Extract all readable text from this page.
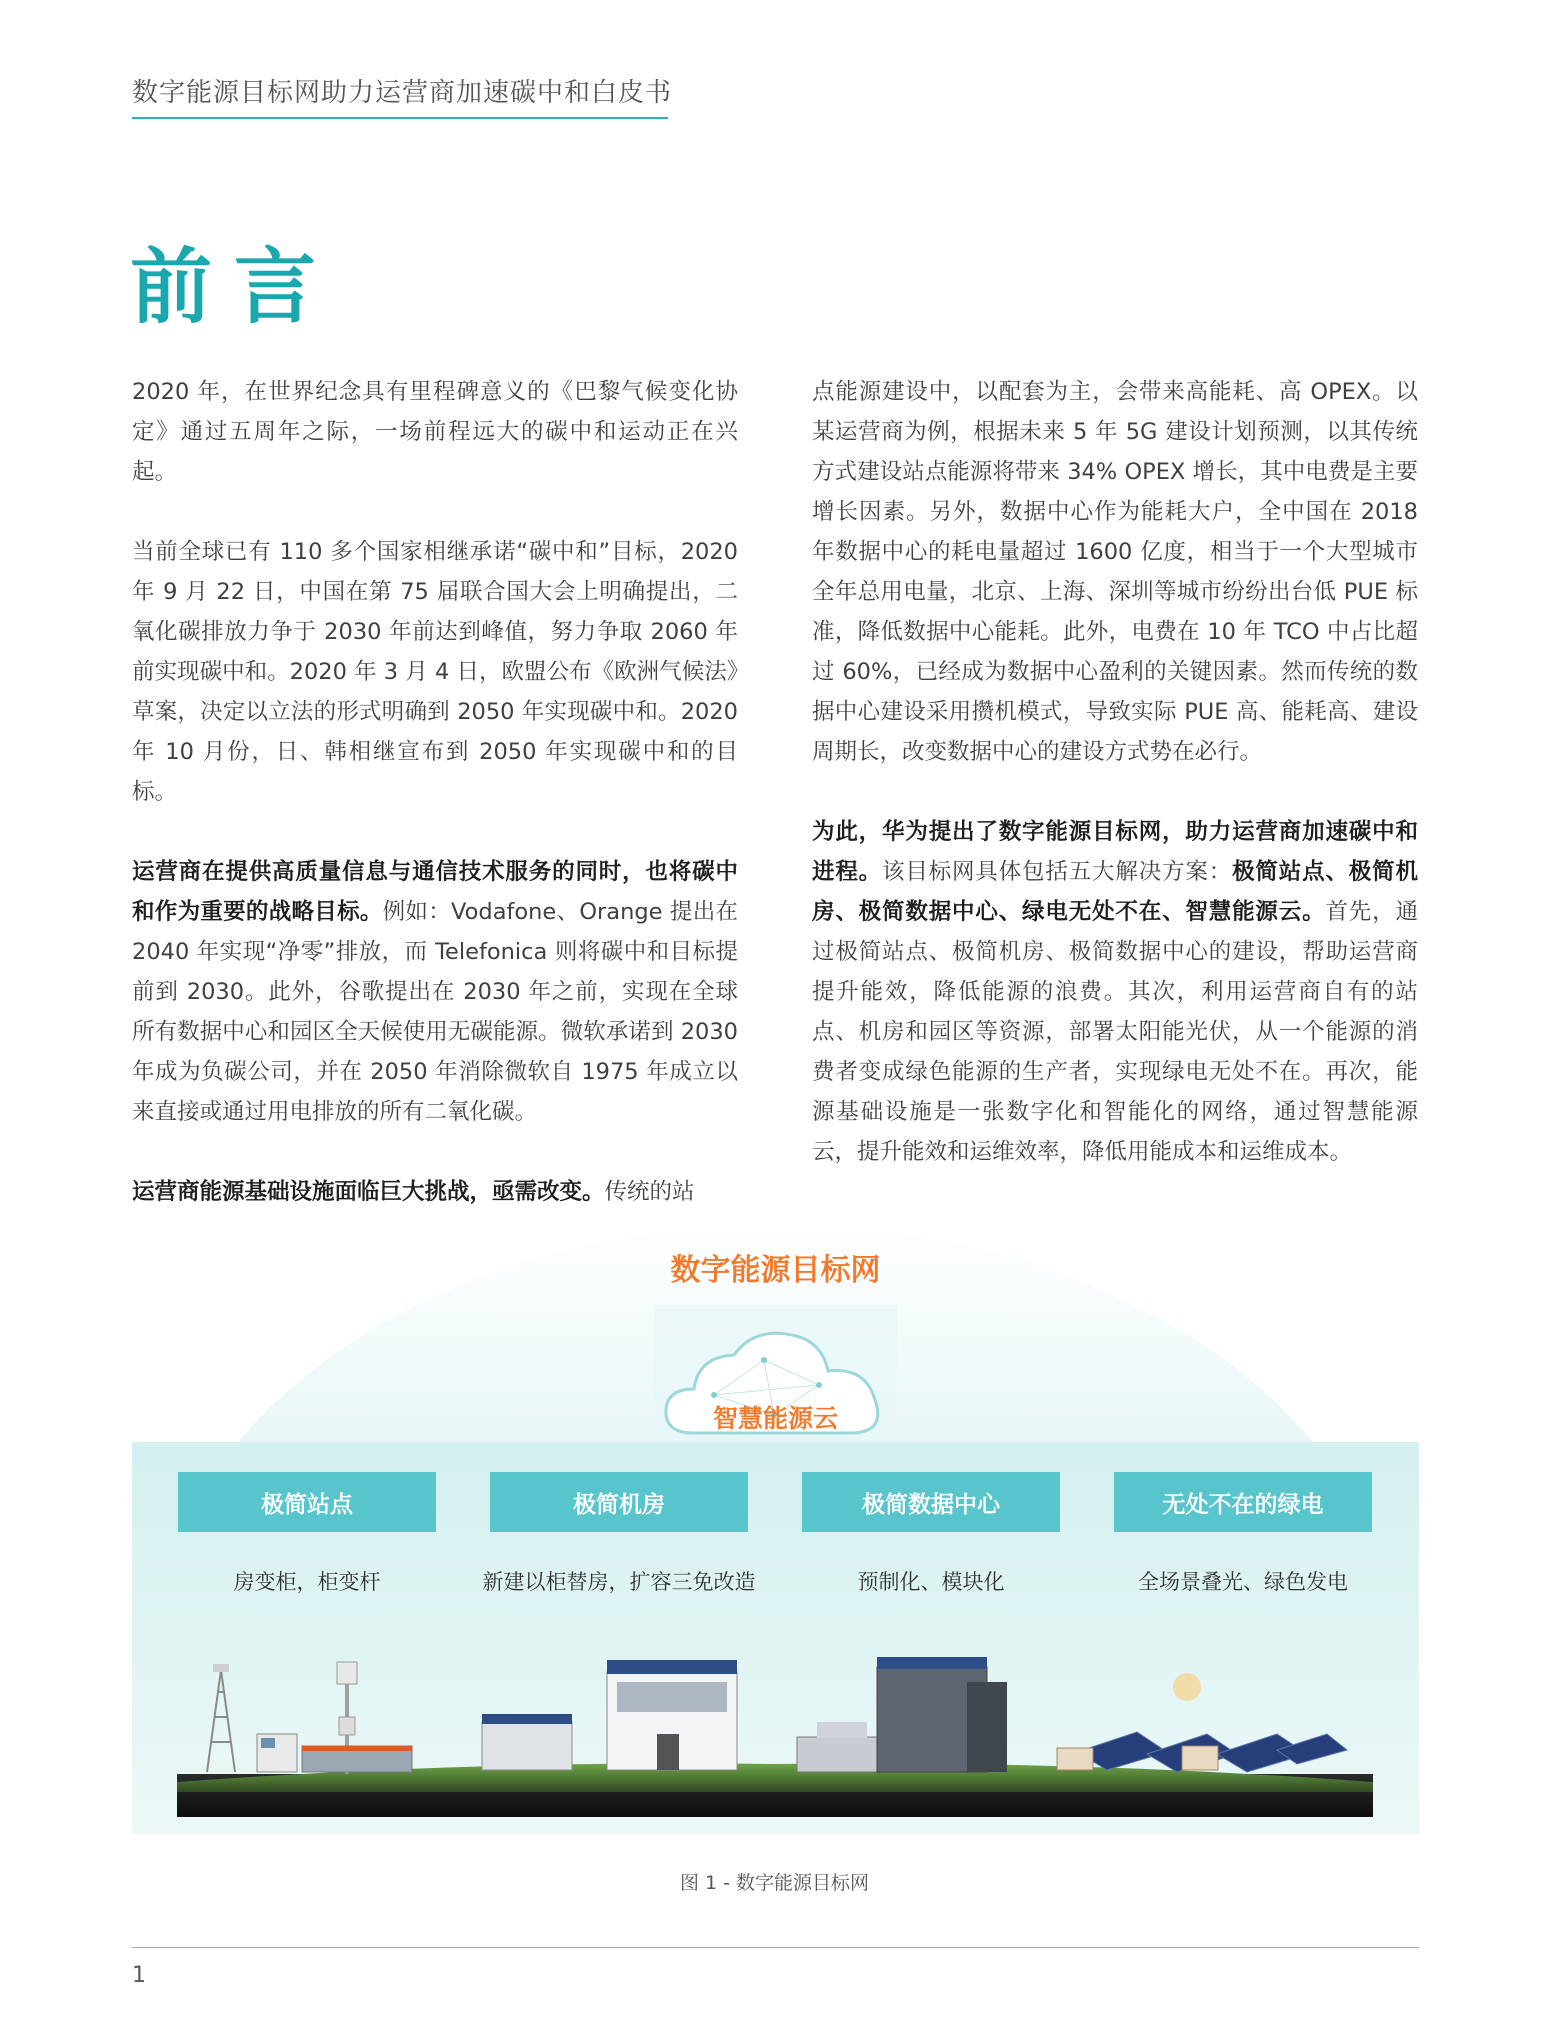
数字能源目标网助力运营商加速碳中和白皮书
前言

2020 年，在世界纪念具有里程碑意义的《巴黎气候变化协定》通过五周年之际，一场前程远大的碳中和运动正在兴起。

当前全球已有 110 多个国家相继承诺“碳中和”目标，2020 年 9 月 22 日，中国在第 75 届联合国大会上明确提出，二氧化碳排放力争于 2030 年前达到峰值，努力争取 2060 年前实现碳中和。2020 年 3 月 4 日，欧盟公布《欧洲气候法》草案，决定以立法的形式明确到 2050 年实现碳中和。2020 年 10 月份，日、韩相继宣布到 2050 年实现碳中和的目标。

运营商在提供高质量信息与通信技术服务的同时，也将碳中和作为重要的战略目标。例如：Vodafone、Orange 提出在 2040 年实现“净零”排放，而 Telefonica 则将碳中和目标提前到 2030。此外，谷歌提出在 2030 年之前，实现在全球所有数据中心和园区全天候使用无碳能源。微软承诺到 2030 年成为负碳公司，并在 2050 年消除微软自 1975 年成立以来直接或通过用电排放的所有二氧化碳。

运营商能源基础设施面临巨大挑战，亟需改变。传统的站

点能源建设中，以配套为主，会带来高能耗、高 OPEX。以某运营商为例，根据未来 5 年 5G 建设计划预测，以其传统方式建设站点能源将带来 34% OPEX 增长，其中电费是主要增长因素。另外，数据中心作为能耗大户，全中国在 2018 年数据中心的耗电量超过 1600 亿度，相当于一个大型城市全年总用电量，北京、上海、深圳等城市纷纷出台低 PUE 标准，降低数据中心能耗。此外，电费在 10 年 TCO 中占比超过 60%，已经成为数据中心盈利的关键因素。然而传统的数据中心建设采用攒机模式，导致实际 PUE 高、能耗高、建设周期长，改变数据中心的建设方式势在必行。

为此，华为提出了数字能源目标网，助力运营商加速碳中和进程。该目标网具体包括五大解决方案：极简站点、极简机房、极简数据中心、绿电无处不在、智慧能源云。首先，通过极简站点、极简机房、极简数据中心的建设，帮助运营商提升能效，降低能源的浪费。其次，利用运营商自有的站点、机房和园区等资源，部署太阳能光伏，从一个能源的消费者变成绿色能源的生产者，实现绿电无处不在。再次，能源基础设施是一张数字化和智能化的网络，通过智慧能源云，提升能效和运维效率，降低用能成本和运维成本。

数字能源目标网
智慧能源云
极简站点	极简机房	极简数据中心	无处不在的绿电
房变柜，柜变杆	新建以柜替房，扩容三免改造	预制化、模块化	全场景叠光、绿色发电
图 1 - 数字能源目标网
1
